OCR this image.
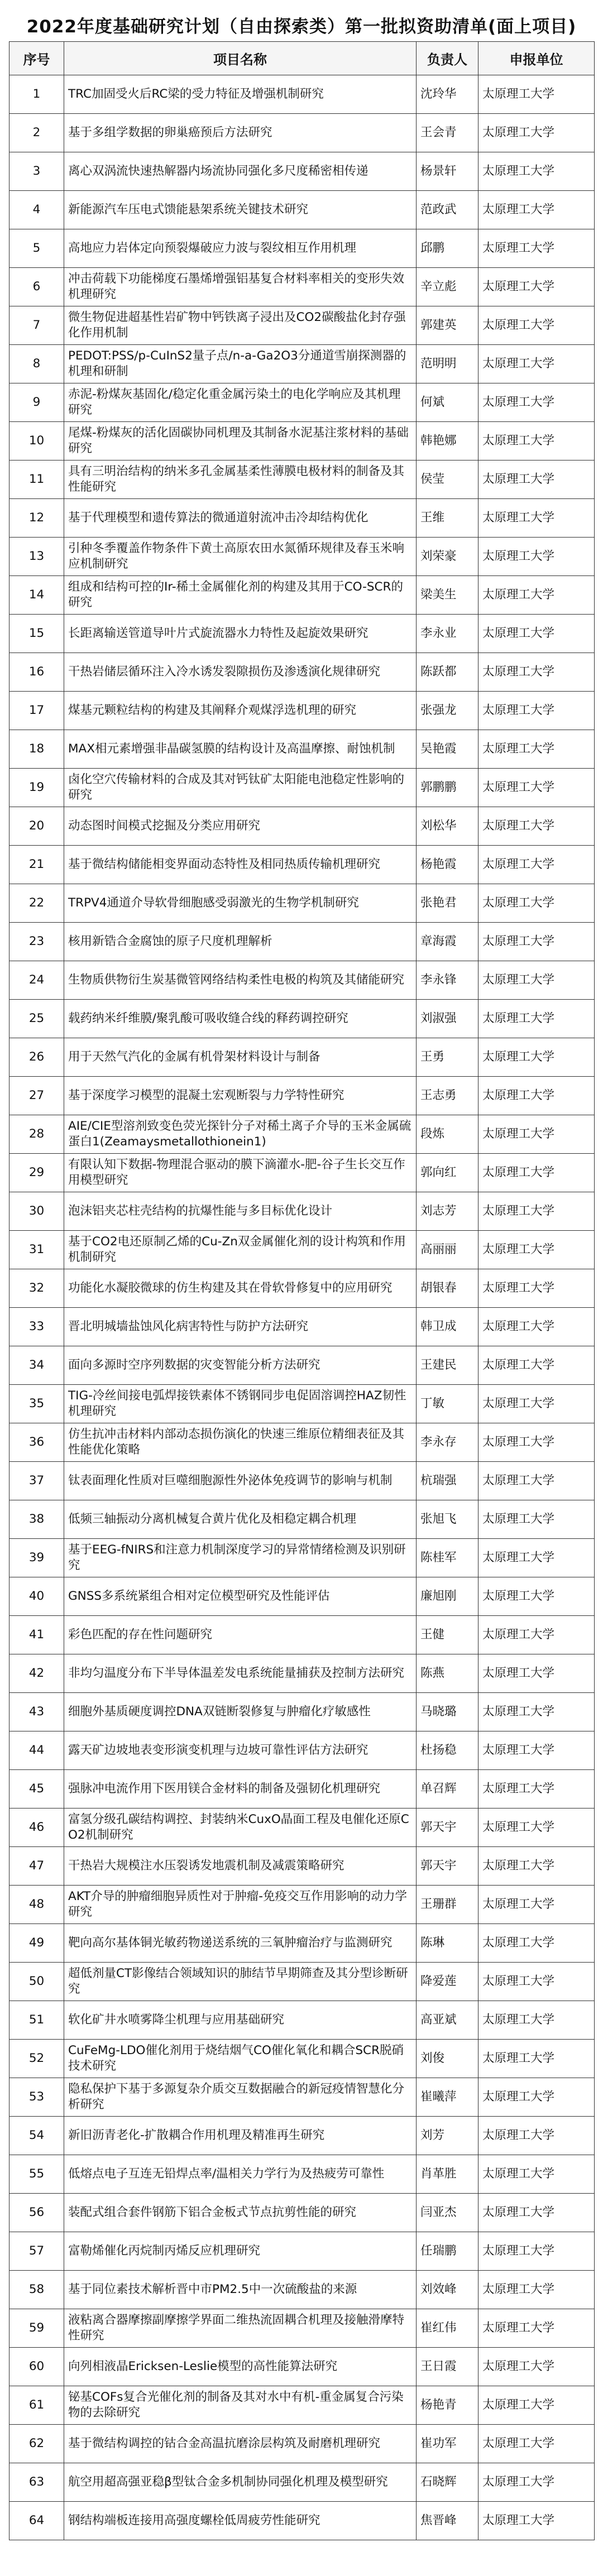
2022年度基础研究计划（自由探索类）第一批拟资助清单(面上项目)
序号	项目名称	负责人	申报单位
1	TRC加固受火后RC梁的受力特征及增强机制研究	沈玲华	太原理工大学
2	基于多组学数据的卵巢癌预后方法研究	王会青	太原理工大学
3	离心双涡流快速热解器内场流协同强化多尺度稀密相传递	杨景轩	太原理工大学
4	新能源汽车压电式馈能悬架系统关键技术研究	范政武	太原理工大学
5	高地应力岩体定向预裂爆破应力波与裂纹相互作用机理	邱鹏	太原理工大学
6	冲击荷载下功能梯度石墨烯增强铝基复合材料率相关的变形失效机理研究	辛立彪	太原理工大学
7	微生物促进超基性岩矿物中钙铁离子浸出及CO2碳酸盐化封存强化作用机制	郭建英	太原理工大学
8	PEDOT:PSS/p-CuInS2量子点/n-a-Ga2O3分通道雪崩探测器的机理和研制	范明明	太原理工大学
9	赤泥-粉煤灰基固化/稳定化重金属污染土的电化学响应及其机理研究	何斌	太原理工大学
10	尾煤-粉煤灰的活化固碳协同机理及其制备水泥基注浆材料的基础研究	韩艳娜	太原理工大学
11	具有三明治结构的纳米多孔金属基柔性薄膜电极材料的制备及其性能研究	侯莹	太原理工大学
12	基于代理模型和遗传算法的微通道射流冲击冷却结构优化	王维	太原理工大学
13	引种冬季覆盖作物条件下黄土高原农田水氮循环规律及春玉米响应机制研究	刘荣豪	太原理工大学
14	组成和结构可控的Ir-稀土金属催化剂的构建及其用于CO-SCR的研究	梁美生	太原理工大学
15	长距离输送管道导叶片式旋流器水力特性及起旋效果研究	李永业	太原理工大学
16	干热岩储层循环注入冷水诱发裂隙损伤及渗透演化规律研究	陈跃都	太原理工大学
17	煤基元颗粒结构的构建及其阐释介观煤浮选机理的研究	张强龙	太原理工大学
18	MAX相元素增强非晶碳氢膜的结构设计及高温摩擦、耐蚀机制	吴艳霞	太原理工大学
19	卤化空穴传输材料的合成及其对钙钛矿太阳能电池稳定性影响的研究	郭鹏鹏	太原理工大学
20	动态图时间模式挖掘及分类应用研究	刘松华	太原理工大学
21	基于微结构储能相变界面动态特性及相同热质传输机理研究	杨艳霞	太原理工大学
22	TRPV4通道介导软骨细胞感受弱激光的生物学机制研究	张艳君	太原理工大学
23	核用新锆合金腐蚀的原子尺度机理解析	章海霞	太原理工大学
24	生物质供物衍生炭基微管网络结构柔性电极的构筑及其储能研究	李永锋	太原理工大学
25	载药纳米纤维膜/聚乳酸可吸收缝合线的释药调控研究	刘淑强	太原理工大学
26	用于天然气汽化的金属有机骨架材料设计与制备	王勇	太原理工大学
27	基于深度学习模型的混凝土宏观断裂与力学特性研究	王志勇	太原理工大学
28	AIE/CIE型溶剂致变色荧光探针分子对稀土离子介导的玉米金属硫蛋白1(Zeamaysmetallothionein1)	段炼	太原理工大学
29	有限认知下数据-物理混合驱动的膜下滴灌水-肥-谷子生长交互作用模型研究	郭向红	太原理工大学
30	泡沫铝夹芯柱壳结构的抗爆性能与多目标优化设计	刘志芳	太原理工大学
31	基于CO2电还原制乙烯的Cu-Zn双金属催化剂的设计构筑和作用机制研究	高丽丽	太原理工大学
32	功能化水凝胶微球的仿生构建及其在骨软骨修复中的应用研究	胡银春	太原理工大学
33	晋北明城墙盐蚀风化病害特性与防护方法研究	韩卫成	太原理工大学
34	面向多源时空序列数据的灾变智能分析方法研究	王建民	太原理工大学
35	TIG-冷丝间接电弧焊接铁素体不锈钢同步电促固溶调控HAZ韧性机理研究	丁敏	太原理工大学
36	仿生抗冲击材料内部动态损伤演化的快速三维原位精细表征及其性能优化策略	李永存	太原理工大学
37	钛表面理化性质对巨噬细胞源性外泌体免疫调节的影响与机制	杭瑞强	太原理工大学
38	低频三轴振动分离机械复合黄片优化及相稳定耦合机理	张旭飞	太原理工大学
39	基于EEG-fNIRS和注意力机制深度学习的异常情绪检测及识别研究	陈桂军	太原理工大学
40	GNSS多系统紧组合相对定位模型研究及性能评估	廉旭刚	太原理工大学
41	彩色匹配的存在性问题研究	王健	太原理工大学
42	非均匀温度分布下半导体温差发电系统能量捕获及控制方法研究	陈燕	太原理工大学
43	细胞外基质硬度调控DNA双链断裂修复与肿瘤化疗敏感性	马晓璐	太原理工大学
44	露天矿边坡地表变形演变机理与边坡可靠性评估方法研究	杜扬稳	太原理工大学
45	强脉冲电流作用下医用镁合金材料的制备及强韧化机理研究	单召辉	太原理工大学
46	富氢分级孔碳结构调控、封装纳米CuxO晶面工程及电催化还原CO2机制研究	郭天宇	太原理工大学
47	干热岩大规模注水压裂诱发地震机制及减震策略研究	郭天宇	太原理工大学
48	AKT介导的肿瘤细胞异质性对于肿瘤-免疫交互作用影响的动力学研究	王珊群	太原理工大学
49	靶向高尔基体铜光敏药物递送系统的三氧肿瘤治疗与监测研究	陈琳	太原理工大学
50	超低剂量CT影像结合领域知识的肺结节早期筛查及其分型诊断研究	降爱莲	太原理工大学
51	软化矿井水喷雾降尘机理与应用基础研究	高亚斌	太原理工大学
52	CuFeMg-LDO催化剂用于烧结烟气CO催化氧化和耦合SCR脱硝技术研究	刘俊	太原理工大学
53	隐私保护下基于多源复杂介质交互数据融合的新冠疫情智慧化分析研究	崔曦萍	太原理工大学
54	新旧沥青老化-扩散耦合作用机理及精准再生研究	刘芳	太原理工大学
55	低熔点电子互连无铅焊点率/温相关力学行为及热疲劳可靠性	肖革胜	太原理工大学
56	装配式组合套件钢筋下铝合金板式节点抗剪性能的研究	闫亚杰	太原理工大学
57	富勒烯催化丙烷制丙烯反应机理研究	任瑞鹏	太原理工大学
58	基于同位素技术解析晋中市PM2.5中一次硫酸盐的来源	刘效峰	太原理工大学
59	液粘离合器摩擦副摩擦学界面二维热流固耦合机理及接触滑摩特性研究	崔红伟	太原理工大学
60	向列相液晶Ericksen-Leslie模型的高性能算法研究	王日霞	太原理工大学
61	铋基COFs复合光催化剂的制备及其对水中有机-重金属复合污染物的去除研究	杨艳青	太原理工大学
62	基于微结构调控的钴合金高温抗磨涂层构筑及耐磨机理研究	崔功军	太原理工大学
63	航空用超高强亚稳β型钛合金多机制协同强化机理及模型研究	石晓辉	太原理工大学
64	钢结构端板连接用高强度螺栓低周疲劳性能研究	焦晋峰	太原理工大学
